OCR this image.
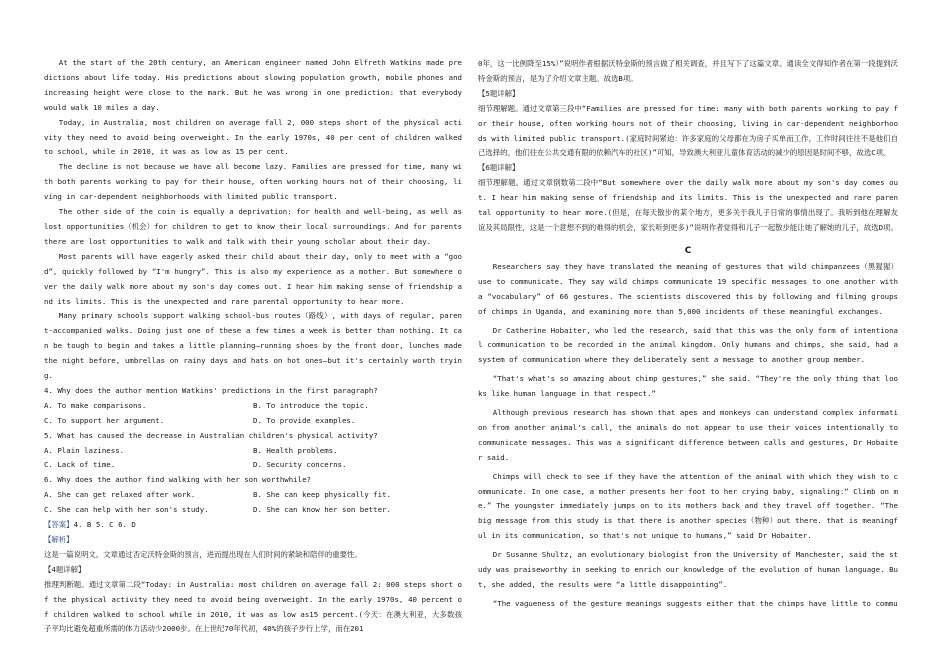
At the start of the 20th century, an American engineer named John Elfreth Watkins made predictions about life today. His predictions about slowing population growth, mobile phones and increasing height were close to the mark. But he was wrong in one prediction: that everybody would walk 10 miles a day.

Today, in Australia, most children on average fall 2, 000 steps short of the physical activity they need to avoid being overweight. In the early 1970s, 40 per cent of children walked to school, while in 2010, it was as low as 15 per cent.

The decline is not because we have all become lazy. Families are pressed for time, many with both parents working to pay for their house, often working hours not of their choosing, living in car-dependent neighborhoods with limited public transport.

The other side of the coin is equally a deprivation: for health and well-being, as well as lost opportunities（机会）for children to get to know their local surroundings. And for parents there are lost opportunities to walk and talk with their young scholar about their day.

Most parents will have eagerly asked their child about their day, only to meet with a “good”, quickly followed by “I'm hungry”. This is also my experience as a mother. But somewhere over the daily walk more about my son's day comes out. I hear him making sense of friendship and its limits. This is the unexpected and rare parental opportunity to hear more.

Many primary schools support walking school-bus routes（路线）, with days of regular, parent-accompanied walks. Doing just one of these a few times a week is better than nothing. It can be tough to begin and takes a little planning—running shoes by the front door, lunches made the night before, umbrellas on rainy days and hats on hot ones—but it's certainly worth trying.

4. Why does the author mention Watkins' predictions in the first paragraph?

A. To make comparisons.	B. To introduce the topic.
C. To support her argument.	D. To provide examples.

5. What has caused the decrease in Australian children's physical activity?

A. Plain laziness.	B. Health problems.
C. Lack of time.	D. Security concerns.

6. Why does the author find walking with her son worthwhile?

A. She can get relaxed after work.	B. She can keep physically fit.
C. She can help with her son's study.	D. She can know her son better.

【答案】4. B 5. C 6. D

【解析】

这是一篇说明文。文章通过否定沃特金斯的预言，进而提出现在人们时间的紧缺和陪伴的重要性。

【4题详解】

推理判断题。通过文章第二段“Today: in Australia: most children on average fall 2: 000 steps short of the physical activity they need to avoid being overweight. In the early 1970s, 40 percent of children walked to school while in 2010, it was as low as15 percent.(今天：在澳大利亚，大多数孩子平均比避免超重所需的体力活动少2000步。在上世纪70年代初，40%的孩子步行上学，而在201

0年，这一比例降至15%）”说明作者根据沃特金斯的预言做了相关调查，并且写下了这篇文章。通读全文得知作者在第一段提到沃特金斯的预言，是为了介绍文章主题。故选B项。

【5题详解】

细节理解题。通过文章第三段中“Families are pressed for time: many with both parents working to pay for their house, often working hours not of their choosing, living in car-dependent neighborhoods with limited public transport.(家庭时间紧迫：许多家庭的父母都在为房子买单而工作，工作时间往往不是他们自己选择的，他们往在公共交通有限的依赖汽车的社区)”可知，导致澳大利亚儿童体育活动的减少的原因是时间不够，故选C项。

【6题详解】

细节理解题。通过文章倒数第二段中“But somewhere over the daily walk more about my son's day comes out. I hear him making sense of friendship and its limits. This is the unexpected and rare parental opportunity to hear more.(但是，在每天散步的某个地方，更多关于我儿子日常的事情出现了。我听到他在理解友谊及其局限性，这是一个意想不到的难得的机会，家长听到更多)”说明作者觉得和儿子一起散步能让她了解她的儿子，故选D项。

C

Researchers say they have translated the meaning of gestures that wild chimpanzees（黑猩猩）use to communicate. They say wild chimps communicate 19 specific messages to one another with a “vocabulary” of 66 gestures. The scientists discovered this by following and filming groups of chimps in Uganda, and examining more than 5,000 incidents of these meaningful exchanges.

Dr Catherine Hobaiter, who led the research, said that this was the only form of intentional communication to be recorded in the animal kingdom. Only humans and chimps, she said, had a system of communication where they deliberately sent a message to another group member.

“That's what's so amazing about chimp gestures,” she said. “They're the only thing that looks like human language in that respect.”

Although previous research has shown that apes and monkeys can understand complex information from another animal's call, the animals do not appear to use their voices intentionally to communicate messages. This was a significant difference between calls and gestures, Dr Hobaiter said.

Chimps will check to see if they have the attention of the animal with which they wish to communicate. In one case, a mother presents her foot to her crying baby, signaling:“ Climb on me.” The youngster immediately jumps on to its mothers back and they travel off together. “The big message from this study is that there is another species（物种）out there. that is meaningful in its communication, so that's not unique to humans,” said Dr Hobaiter.

Dr Susanne Shultz, an evolutionary biologist from the University of Manchester, said the study was praiseworthy in seeking to enrich our knowledge of the evolution of human language. But, she added, the results were “a little disappointing”.

“The vagueness of the gesture meanings suggests either that the chimps have little to commu
